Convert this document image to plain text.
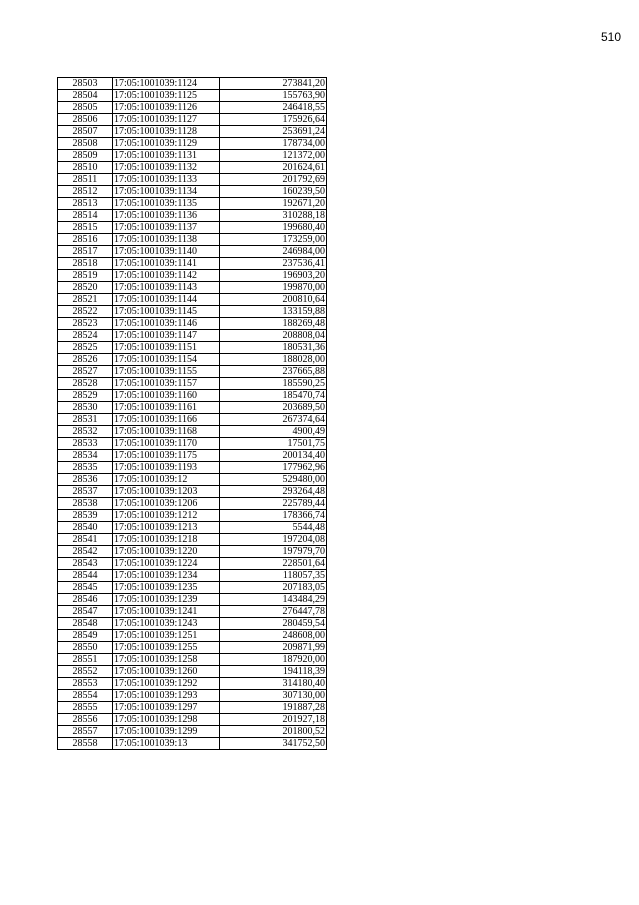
510
28503	17:05:1001039:1124	273841,20
28504	17:05:1001039:1125	155763,90
28505	17:05:1001039:1126	246418,55
28506	17:05:1001039:1127	175926,64
28507	17:05:1001039:1128	253691,24
28508	17:05:1001039:1129	178734,00
28509	17:05:1001039:1131	121372,00
28510	17:05:1001039:1132	201624,61
28511	17:05:1001039:1133	201792,69
28512	17:05:1001039:1134	160239,50
28513	17:05:1001039:1135	192671,20
28514	17:05:1001039:1136	310288,18
28515	17:05:1001039:1137	199680,40
28516	17:05:1001039:1138	173259,00
28517	17:05:1001039:1140	246984,00
28518	17:05:1001039:1141	237536,41
28519	17:05:1001039:1142	196903,20
28520	17:05:1001039:1143	199870,00
28521	17:05:1001039:1144	200810,64
28522	17:05:1001039:1145	133159,88
28523	17:05:1001039:1146	188269,48
28524	17:05:1001039:1147	208808,04
28525	17:05:1001039:1151	180531,36
28526	17:05:1001039:1154	188028,00
28527	17:05:1001039:1155	237665,88
28528	17:05:1001039:1157	185590,25
28529	17:05:1001039:1160	185470,74
28530	17:05:1001039:1161	203689,50
28531	17:05:1001039:1166	267374,64
28532	17:05:1001039:1168	4900,49
28533	17:05:1001039:1170	17501,75
28534	17:05:1001039:1175	200134,40
28535	17:05:1001039:1193	177962,96
28536	17:05:1001039:12	529480,00
28537	17:05:1001039:1203	293264,48
28538	17:05:1001039:1206	225789,44
28539	17:05:1001039:1212	178366,74
28540	17:05:1001039:1213	5544,48
28541	17:05:1001039:1218	197204,08
28542	17:05:1001039:1220	197979,70
28543	17:05:1001039:1224	228501,64
28544	17:05:1001039:1234	118057,35
28545	17:05:1001039:1235	207183,05
28546	17:05:1001039:1239	143484,29
28547	17:05:1001039:1241	276447,78
28548	17:05:1001039:1243	280459,54
28549	17:05:1001039:1251	248608,00
28550	17:05:1001039:1255	209871,99
28551	17:05:1001039:1258	187920,00
28552	17:05:1001039:1260	194118,39
28553	17:05:1001039:1292	314180,40
28554	17:05:1001039:1293	307130,00
28555	17:05:1001039:1297	191887,28
28556	17:05:1001039:1298	201927,18
28557	17:05:1001039:1299	201800,52
28558	17:05:1001039:13	341752,50
